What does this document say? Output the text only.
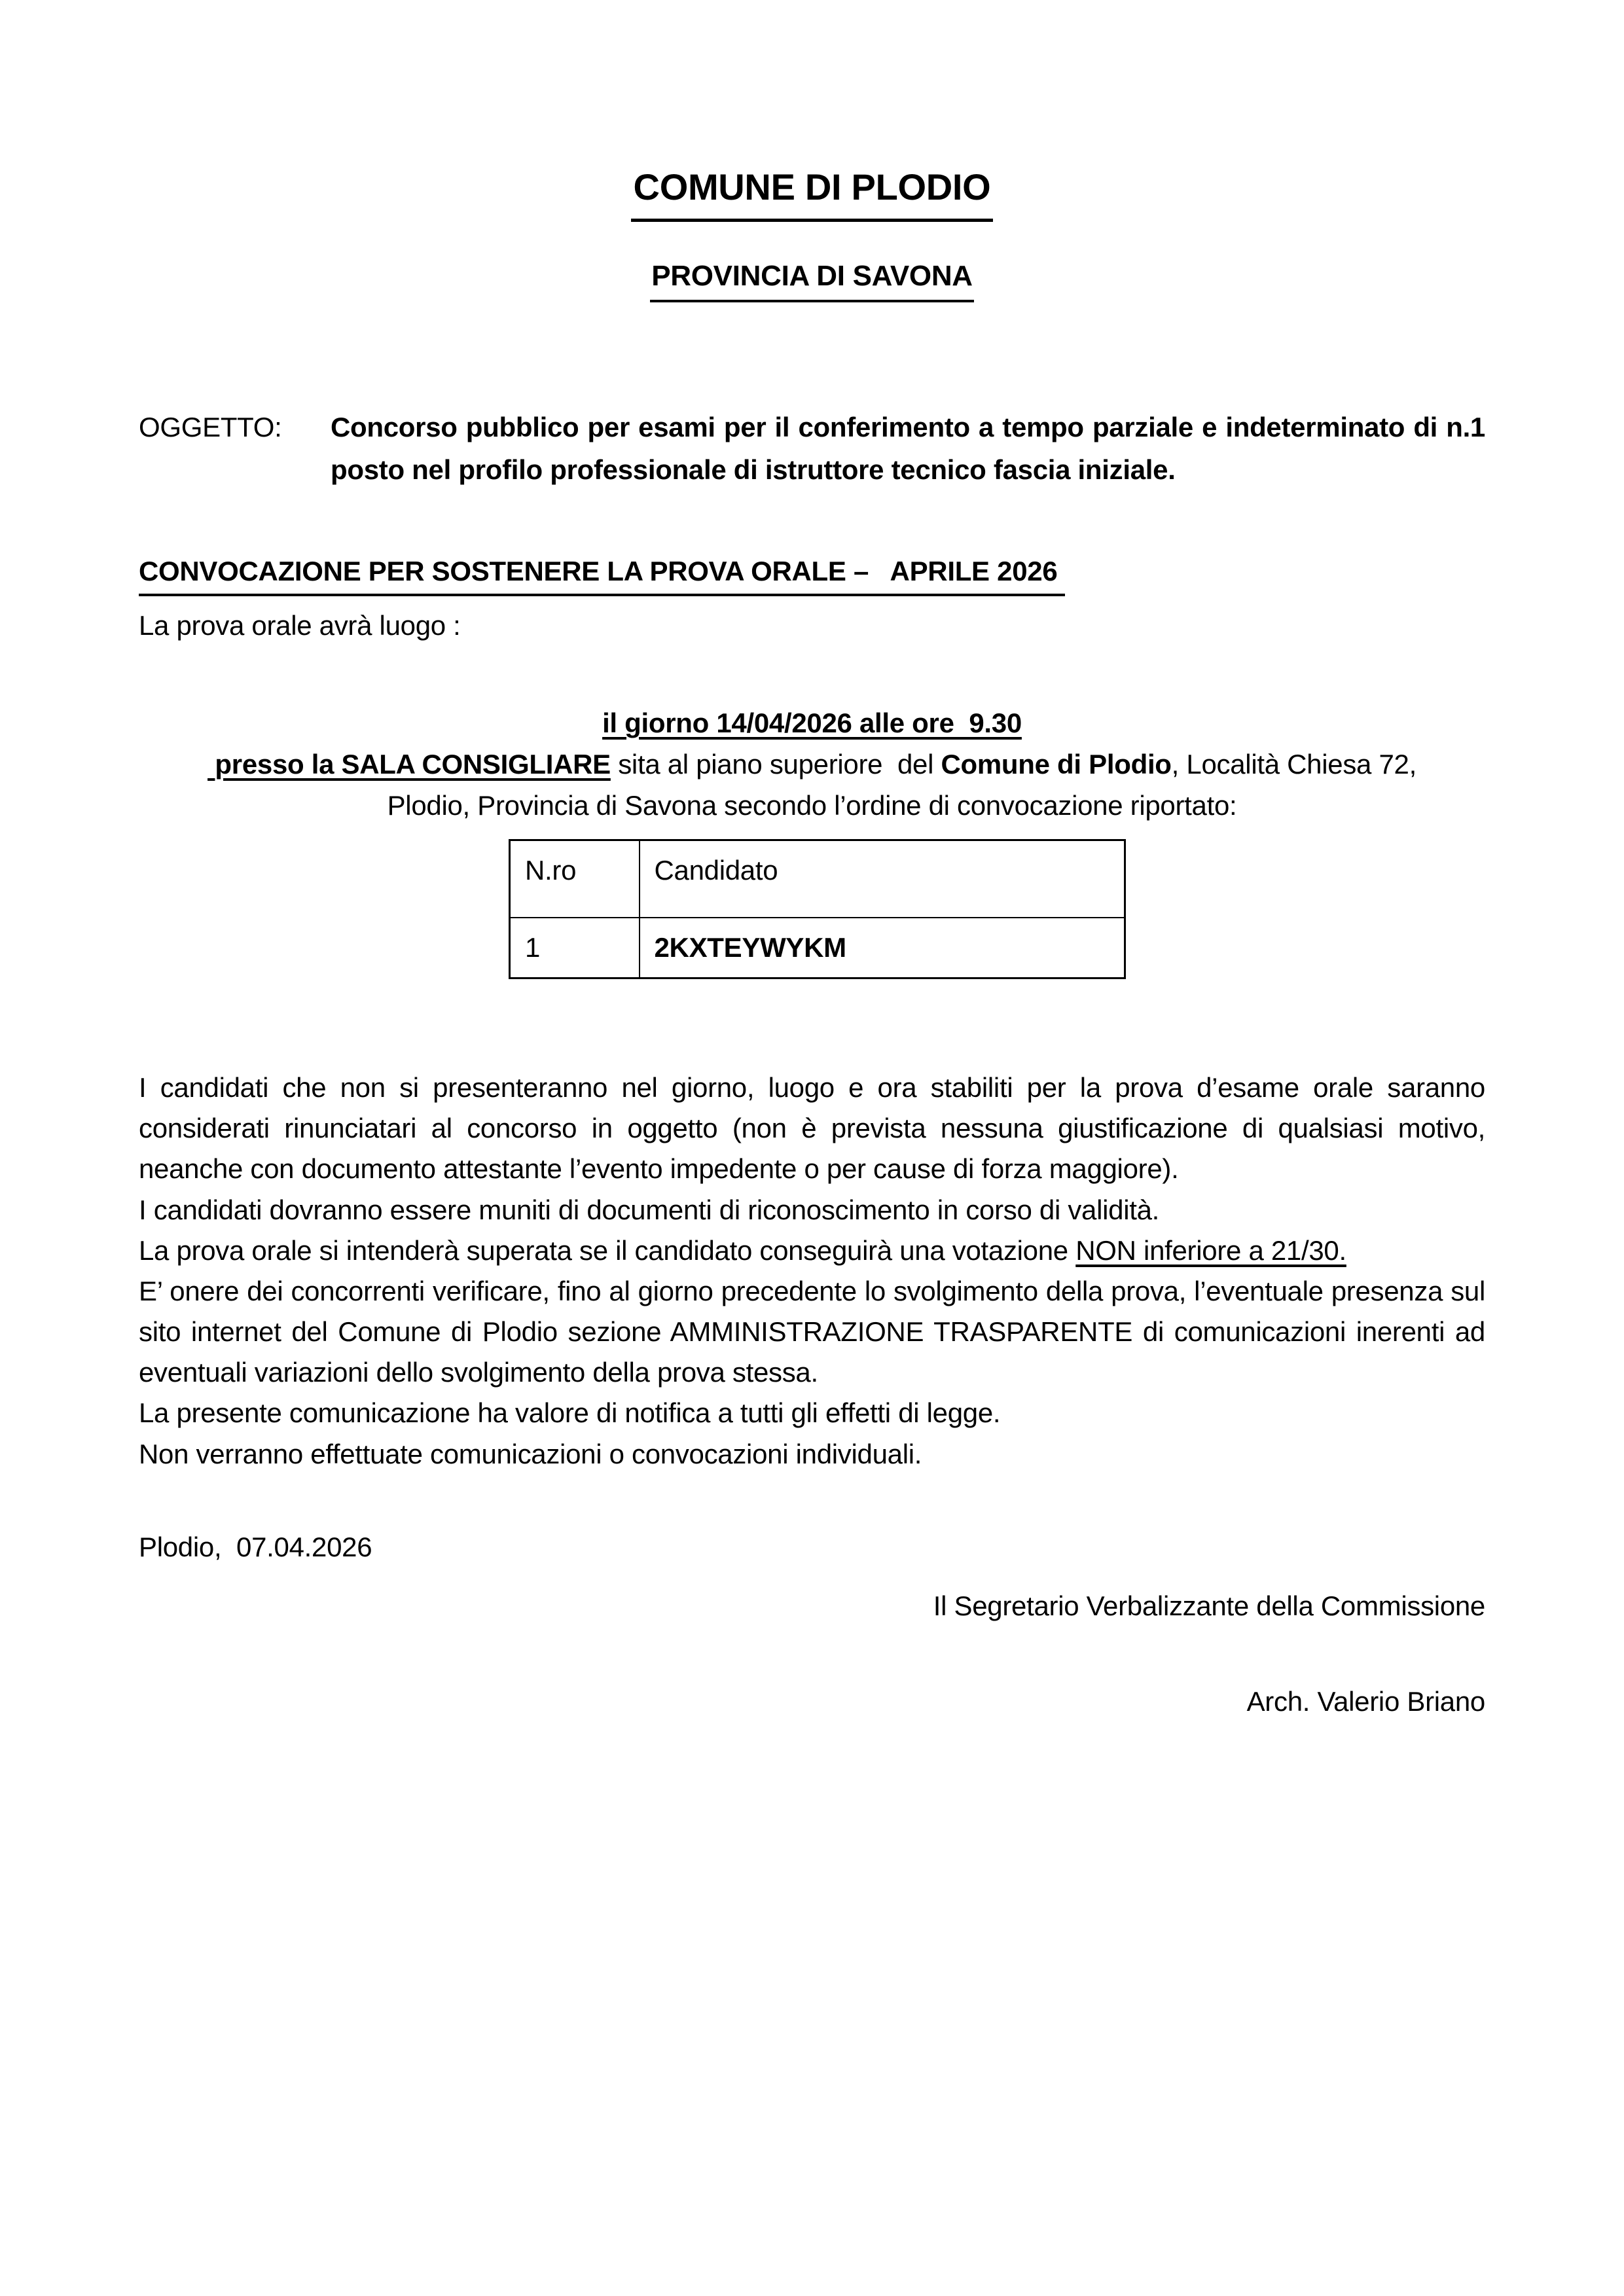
COMUNE DI PLODIO
PROVINCIA DI SAVONA
OGGETTO:	Concorso pubblico per esami per il conferimento a tempo parziale e indeterminato di n.1 posto nel profilo professionale di istruttore tecnico fascia iniziale.
CONVOCAZIONE PER SOSTENERE LA PROVA ORALE –   APRILE 2026
La prova orale avrà luogo :
il giorno 14/04/2026 alle ore  9.30
presso la SALA CONSIGLIARE sita al piano superiore  del Comune di Plodio, Località Chiesa 72,
Plodio, Provincia di Savona secondo l’ordine di convocazione riportato:
N.ro	Candidato
1	2KXTEYWYKM

I candidati che non si presenteranno nel giorno, luogo e ora stabiliti per la prova d’esame orale saranno considerati rinunciatari al concorso in oggetto (non è prevista nessuna giustificazione di qualsiasi motivo, neanche con documento attestante l’evento impedente o per cause di forza maggiore).

I candidati dovranno essere muniti di documenti di riconoscimento in corso di validità.

La prova orale si intenderà superata se il candidato conseguirà una votazione NON inferiore a 21/30.

E’ onere dei concorrenti verificare, fino al giorno precedente lo svolgimento della prova, l’eventuale presenza sul sito internet del Comune di Plodio sezione AMMINISTRAZIONE TRASPARENTE di comunicazioni inerenti ad eventuali variazioni dello svolgimento della prova stessa.

La presente comunicazione ha valore di notifica a tutti gli effetti di legge.

Non verranno effettuate comunicazioni o convocazioni individuali.

Plodio,  07.04.2026
Il Segretario Verbalizzante della Commissione
Arch. Valerio Briano
